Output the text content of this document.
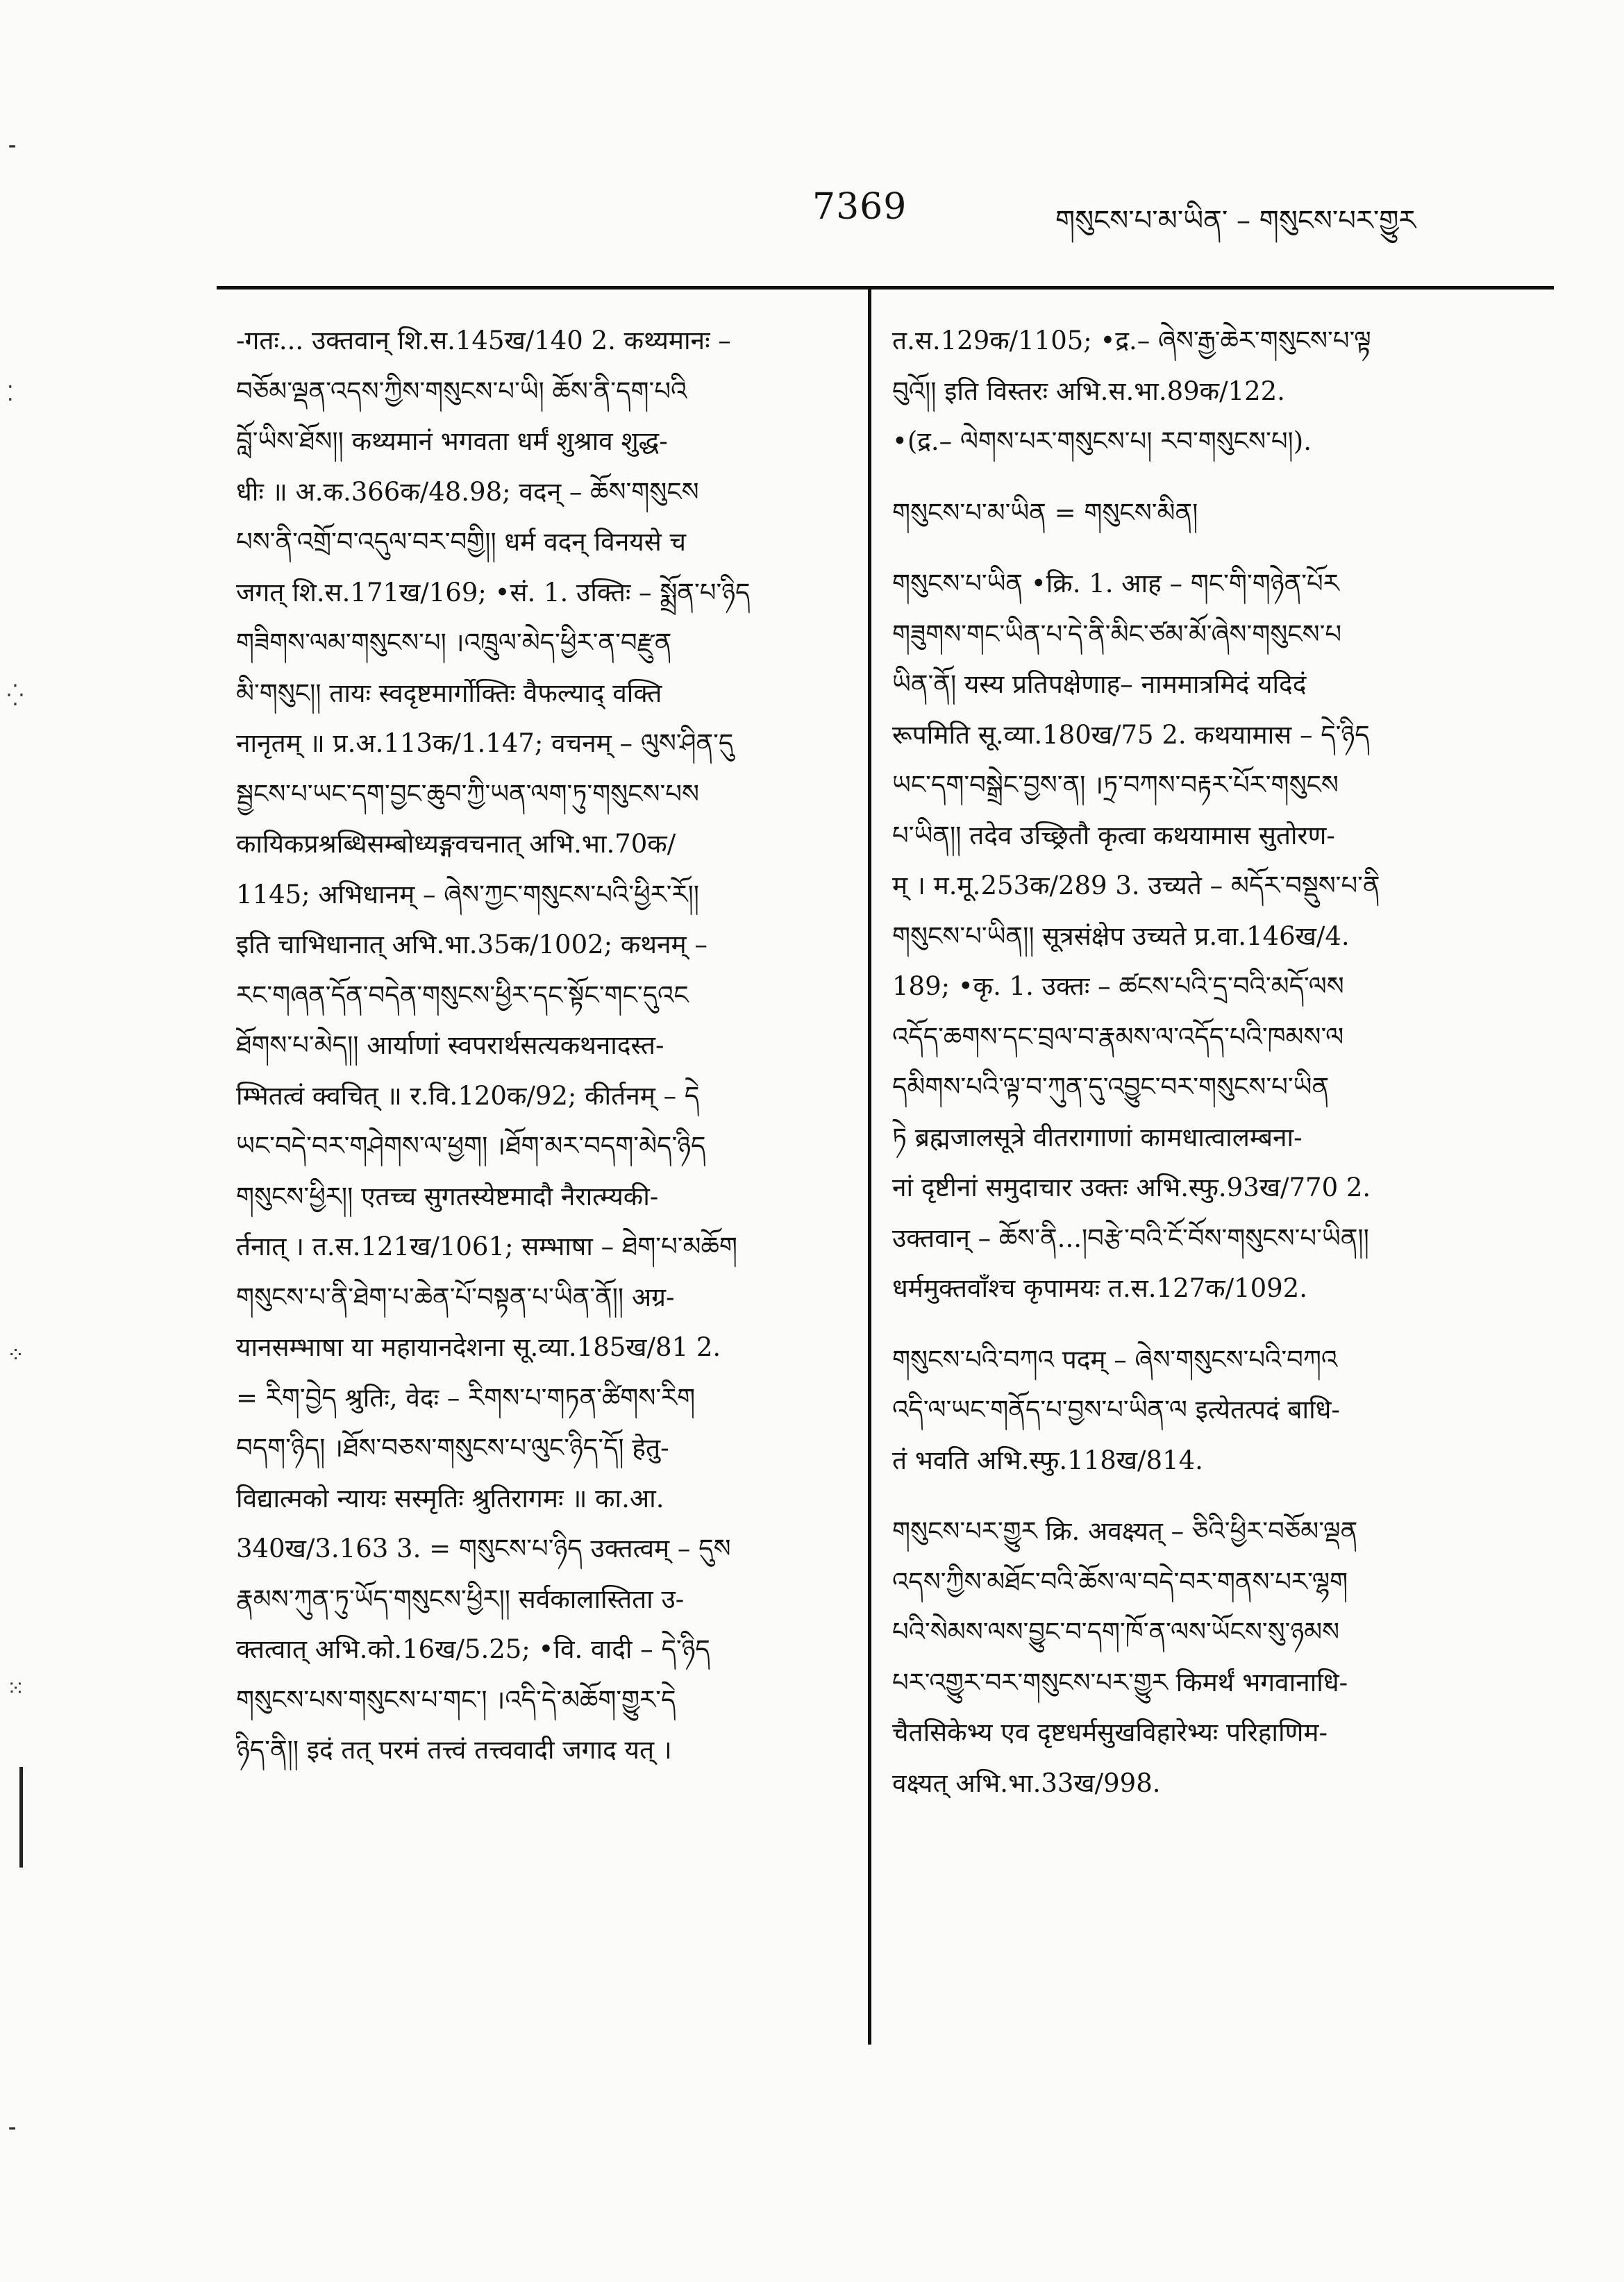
7369	གསུངས་པ་མ་ཡིན་ – གསུངས་པར་གྱུར
⁃
⁚
⁛
⁘
⁙
⁃
-गतः... उक्तवान् शि.स.145ख/140 2. कथ्यमानः –
བཅོམ་ལྡན་འདས་ཀྱིས་གསུངས་པ་ཡི། ཆོས་ནི་དག་པའི
བློ་ཡིས་ཐོས།། कथ्यमानं भगवता धर्मं शुश्राव शुद्ध-
धीः ॥ अ.क.366क/48.98; वदन् – ཆོས་གསུངས
པས་ནི་འགྲོ་བ་འདུལ་བར་བགྱི།། धर्म वदन् विनयसे च
जगत् शि.स.171ख/169; •सं. 1. उक्तिः – སྨྲོན་པ་ཉིད
གཟིགས་ལམ་གསུངས་པ། ।འཁྲུལ་མེད་ཕྱིར་ན་བརྫུན
མི་གསུང།། तायः स्वदृष्टमार्गोक्तिः वैफल्याद् वक्ति
नानृतम् ॥ प्र.अ.113क/1.147; वचनम् – ལུས་ཤིན་དུ
སྦྱངས་པ་ཡང་དག་བྱང་ཆུབ་ཀྱི་ཡན་ལག་ཏུ་གསུངས་པས
कायिकप्रश्रब्धिसम्बोध्यङ्गवचनात् अभि.भा.70क/
1145; अभिधानम् – ཞེས་ཀྱང་གསུངས་པའི་ཕྱིར་རོ།།
इति चाभिधानात् अभि.भा.35क/1002; कथनम् –
རང་གཞན་དོན་བདེན་གསུངས་ཕྱིར་དང་སྟོང་གང་དུའང
ཐོགས་པ་མེད།། आर्याणां स्वपरार्थसत्यकथनादस्त-
म्भितत्वं क्वचित् ॥ र.वि.120क/92; कीर्तनम् – དེ
ཡང་བདེ་བར་གཤེགས་ལ་ཕྱག། ।ཐོག་མར་བདག་མེད་ཉིད
གསུངས་ཕྱིར།། एतच्च सुगतस्येष्टमादौ नैरात्म्यकी-
र्तनात् । त.स.121ख/1061; सम्भाषा – ཐེག་པ་མཆོག
གསུངས་པ་ནི་ཐེག་པ་ཆེན་པོ་བསྟན་པ་ཡིན་ནོ།། अग्र-
यानसम्भाषा या महायानदेशना सू.व्या.185ख/81 2.
= རིག་བྱེད श्रुतिः, वेदः – རིགས་པ་གཏན་ཚིགས་རིག
བདག་ཉིད། ।ཐོས་བཅས་གསུངས་པ་ལུང་ཉིད་དོ། हेतु-
विद्यात्मको न्यायः सस्मृतिः श्रुतिरागमः ॥ का.आ.
340ख/3.163 3. = གསུངས་པ་ཉིད उक्तत्वम् – དུས
རྣམས་ཀུན་ཏུ་ཡོད་གསུངས་ཕྱིར།། सर्वकालास्तिता उ-
क्तत्वात् अभि.को.16ख/5.25; •वि. वादी – དེ་ཉིད
གསུངས་པས་གསུངས་པ་གང་། ।འདི་དེ་མཆོག་གྱུར་དེ
ཉིད་ནི།། इदं तत् परमं तत्त्वं तत्त्ववादी जगाद यत् ।
त.स.129क/1105; •द्र.– ཞེས་རྒྱ་ཆེར་གསུངས་པ་ལྟ
བུའོ།། इति विस्तरः अभि.स.भा.89क/122.
•(द्र.– ལེགས་པར་གསུངས་པ། རབ་གསུངས་པ།).
གསུངས་པ་མ་ཡིན = གསུངས་མིན།
གསུངས་པ་ཡིན •क्रि. 1. आह – གང་གི་གཉེན་པོར
གཟུགས་གང་ཡིན་པ་དེ་ནི་མིང་ཙམ་མོ་ཞེས་གསུངས་པ
ཡིན་ནོ། यस्य प्रतिपक्षेणाह– नाममात्रमिदं यदिदं
रूपमिति सू.व्या.180ख/75 2. कथयामास – དེ་ཉིད
ཡང་དག་བསྒྲེང་བྱས་ན། ।ཏྲ་བཀས་བརྟར་པོར་གསུངས
པ་ཡིན།། तदेव उच्छ्रितौ कृत्वा कथयामास सुतोरण-
म् । म.मू.253क/289 3. उच्यते – མདོར་བསྡུས་པ་ནི
གསུངས་པ་ཡིན།། सूत्रसंक्षेप उच्यते प्र.वा.146ख/4.
189; •कृ. 1. उक्तः – ཚངས་པའི་དྲ་བའི་མདོ་ལས
འདོད་ཆགས་དང་བྲལ་བ་རྣམས་ལ་འདོད་པའི་ཁམས་ལ
དམིགས་པའི་ལྟ་བ་ཀུན་དུ་འབྱུང་བར་གསུངས་པ་ཡིན
ཏེ ब्रह्मजालसूत्रे वीतरागाणां कामधात्वालम्बना-
नां दृष्टीनां समुदाचार उक्तः अभि.स्फु.93ख/770 2.
उक्तवान् – ཆོས་ནི...།བརྩེ་བའི་ངོ་བོས་གསུངས་པ་ཡིན།།
धर्ममुक्तवाँश्च कृपामयः त.स.127क/1092.
གསུངས་པའི་བཀའ पदम् – ཞེས་གསུངས་པའི་བཀའ
འདི་ལ་ཡང་གནོད་པ་བྱས་པ་ཡིན་ལ इत्येतत्पदं बाधि-
तं भवति अभि.स्फु.118ख/814.
གསུངས་པར་གྱུར क्रि. अवक्ष्यत् – ཅིའི་ཕྱིར་བཅོམ་ལྡན
འདས་ཀྱིས་མཐོང་བའི་ཆོས་ལ་བདེ་བར་གནས་པར་ལྷག
པའི་སེམས་ལས་བྱུང་བ་དག་ཁོ་ན་ལས་ཡོངས་སུ་ཉམས
པར་འགྱུར་བར་གསུངས་པར་གྱུར किमर्थं भगवानाधि-
चैतसिकेभ्य एव दृष्टधर्मसुखविहारेभ्यः परिहाणिम-
वक्ष्यत् अभि.भा.33ख/998.
